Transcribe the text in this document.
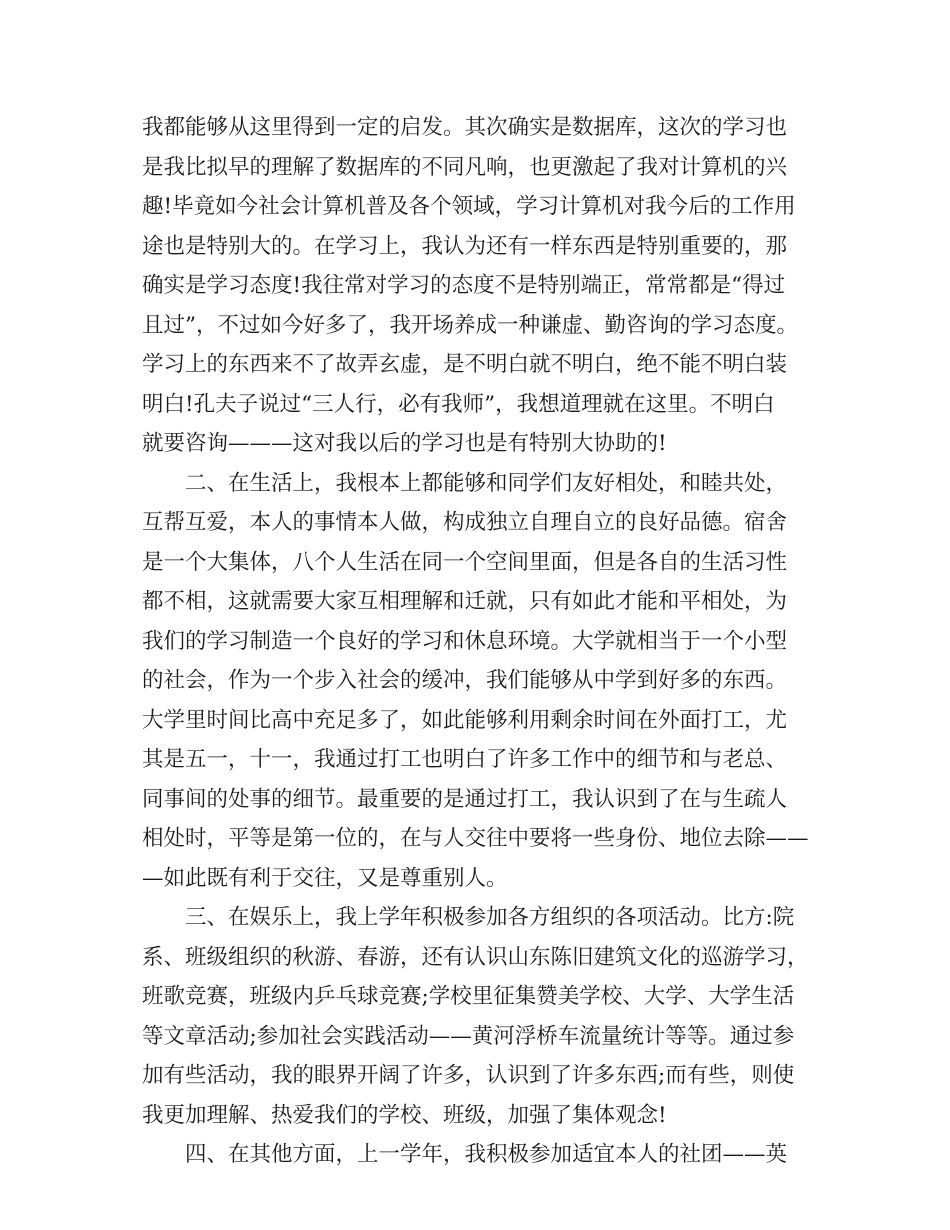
我都能够从这里得到一定的启发。其次确实是数据库，这次的学习也
是我比拟早的理解了数据库的不同凡响，也更激起了我对计算机的兴
趣!毕竟如今社会计算机普及各个领域，学习计算机对我今后的工作用
途也是特别大的。在学习上，我认为还有一样东西是特别重要的，那
确实是学习态度!我往常对学习的态度不是特别端正，常常都是“得过
且过”，不过如今好多了，我开场养成一种谦虚、勤咨询的学习态度。
学习上的东西来不了故弄玄虚，是不明白就不明白，绝不能不明白装
明白!孔夫子说过“三人行，必有我师”，我想道理就在这里。不明白
就要咨询———这对我以后的学习也是有特别大协助的!
　　二、在生活上，我根本上都能够和同学们友好相处，和睦共处，
互帮互爱，本人的事情本人做，构成独立自理自立的良好品德。宿舍
是一个大集体，八个人生活在同一个空间里面，但是各自的生活习性
都不相，这就需要大家互相理解和迁就，只有如此才能和平相处，为
我们的学习制造一个良好的学习和休息环境。大学就相当于一个小型
的社会，作为一个步入社会的缓冲，我们能够从中学到好多的东西。
大学里时间比高中充足多了，如此能够利用剩余时间在外面打工，尤
其是五一，十一，我通过打工也明白了许多工作中的细节和与老总、
同事间的处事的细节。最重要的是通过打工，我认识到了在与生疏人
相处时，平等是第一位的，在与人交往中要将一些身份、地位去除——
—如此既有利于交往，又是尊重别人。
　　三、在娱乐上，我上学年积极参加各方组织的各项活动。比方:院
系、班级组织的秋游、春游，还有认识山东陈旧建筑文化的巡游学习，
班歌竞赛，班级内乒乓球竞赛;学校里征集赞美学校、大学、大学生活
等文章活动;参加社会实践活动——黄河浮桥车流量统计等等。通过参
加有些活动，我的眼界开阔了许多，认识到了许多东西;而有些，则使
我更加理解、热爱我们的学校、班级，加强了集体观念!
　　四、在其他方面，上一学年，我积极参加适宜本人的社团——英
